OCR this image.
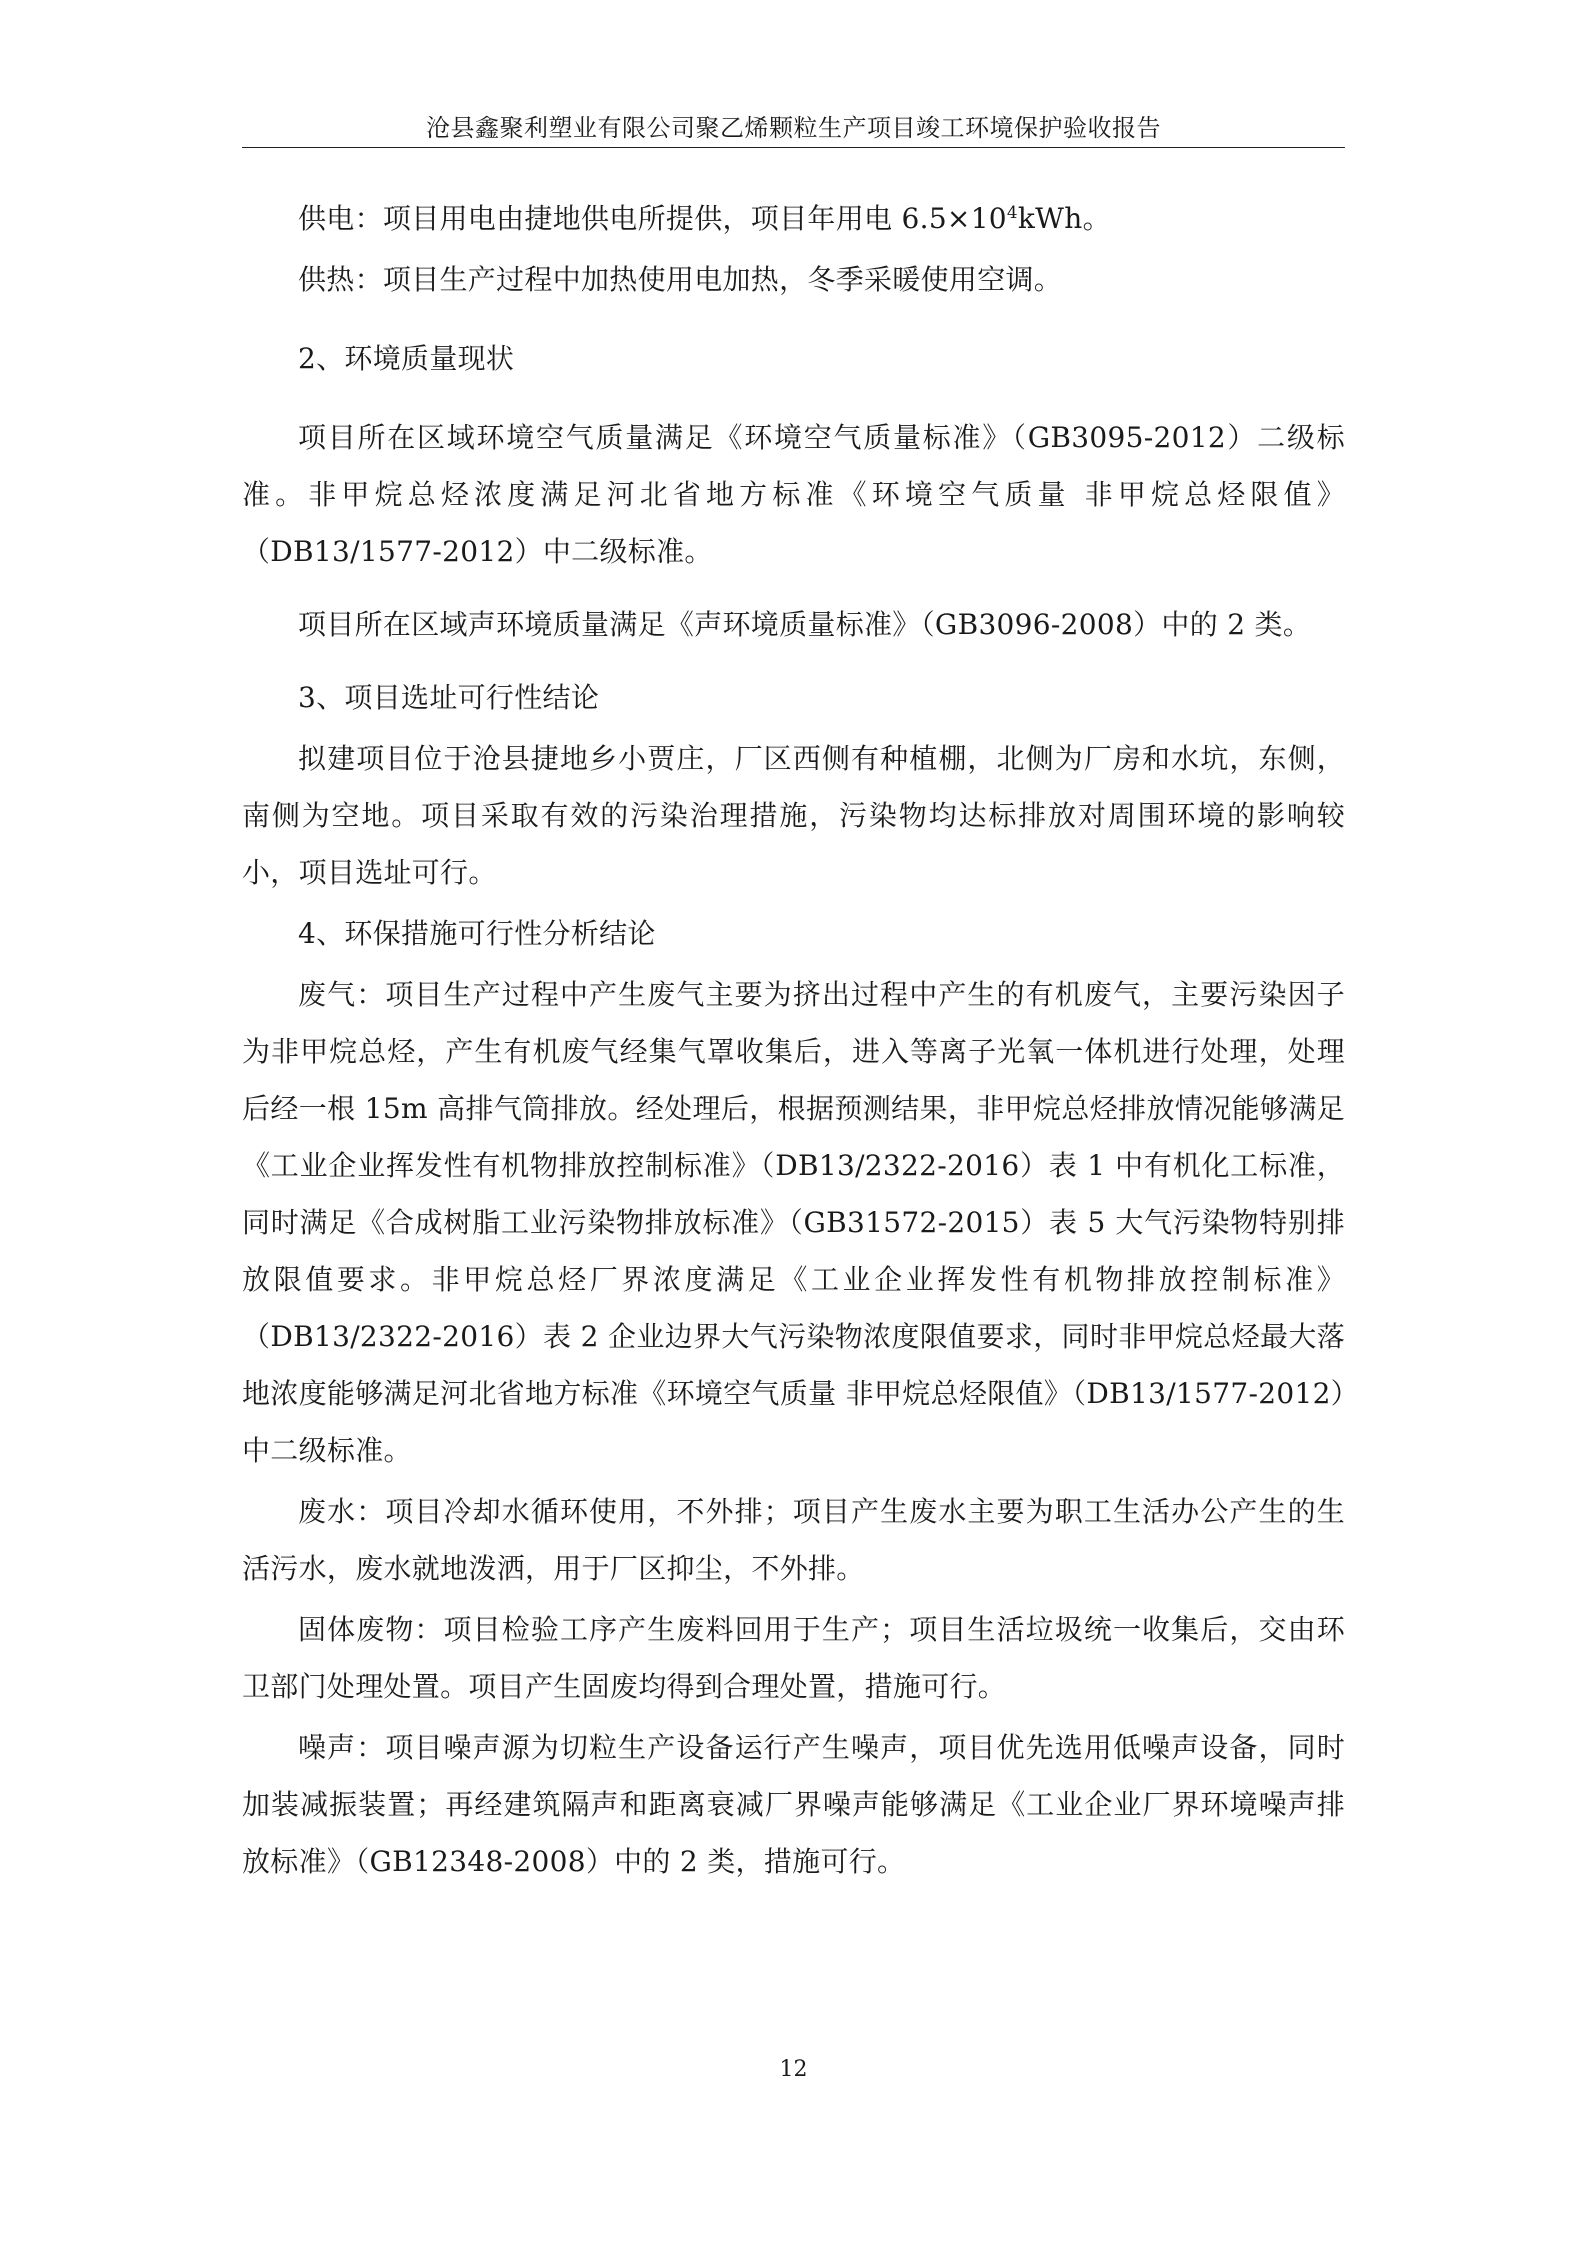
沧县鑫聚利塑业有限公司聚乙烯颗粒生产项目竣工环境保护验收报告

供电：项目用电由捷地供电所提供，项目年用电 $6.5\times 10^4kWh$。

供热：项目生产过程中加热使用电加热，冬季采暖使用空调。

2、环境质量现状

项目所在区域环境空气质量满足《环境空气质量标准》（GB3095-2012）二级标准。非甲烷总烃浓度满足河北省地方标准《环境空气质量 非甲烷总烃限值》（DB13/1577-2012）中二级标准。

项目所在区域声环境质量满足《声环境质量标准》（GB3096-2008）中的 2 类。

3、项目选址可行性结论

拟建项目位于沧县捷地乡小贾庄，厂区西侧有种植棚，北侧为厂房和水坑，东侧，南侧为空地。项目采取有效的污染治理措施，污染物均达标排放对周围环境的影响较小，项目选址可行。

4、环保措施可行性分析结论

废气：项目生产过程中产生废气主要为挤出过程中产生的有机废气，主要污染因子为非甲烷总烃，产生有机废气经集气罩收集后，进入等离子光氧一体机进行处理，处理后经一根 15m 高排气筒排放。经处理后，根据预测结果，非甲烷总烃排放情况能够满足《工业企业挥发性有机物排放控制标准》（DB13/2322-2016）表 1 中有机化工标准，同时满足《合成树脂工业污染物排放标准》（GB31572-2015）表 5 大气污染物特别排放限值要求。非甲烷总烃厂界浓度满足《工业企业挥发性有机物排放控制标准》（DB13/2322-2016）表 2 企业边界大气污染物浓度限值要求，同时非甲烷总烃最大落地浓度能够满足河北省地方标准《环境空气质量 非甲烷总烃限值》（DB13/1577-2012）中二级标准。

废水：项目冷却水循环使用，不外排；项目产生废水主要为职工生活办公产生的生活污水，废水就地泼洒，用于厂区抑尘，不外排。

固体废物：项目检验工序产生废料回用于生产；项目生活垃圾统一收集后，交由环卫部门处理处置。项目产生固废均得到合理处置，措施可行。

噪声：项目噪声源为切粒生产设备运行产生噪声，项目优先选用低噪声设备，同时加装减振装置；再经建筑隔声和距离衰减厂界噪声能够满足《工业企业厂界环境噪声排放标准》（GB12348-2008）中的 2 类，措施可行。

12
